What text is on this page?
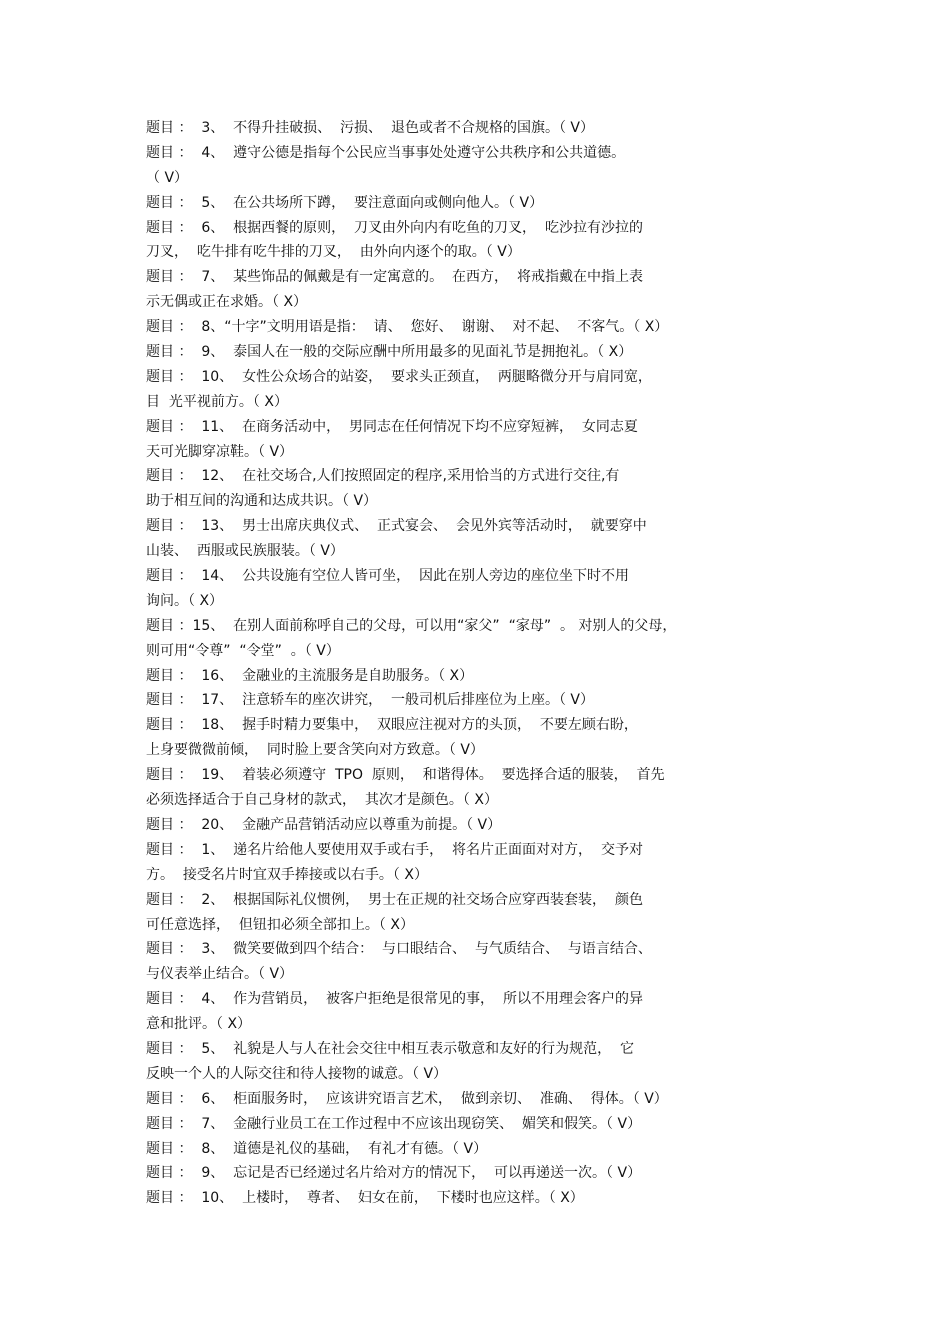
题目 ：  3、  不得升挂破损、  污损、  退色或者不合规格的国旗。（ V）
题目 ：  4、  遵守公德是指每个公民应当事事处处遵守公共秩序和公共道德。
（ V）
题目 ：  5、  在公共场所下蹲，  要注意面向或侧向他人。（ V）
题目 ：  6、  根据西餐的原则，  刀叉由外向内有吃鱼的刀叉，  吃沙拉有沙拉的
刀叉，  吃牛排有吃牛排的刀叉，  由外向内逐个的取。（ V）
题目 ：  7、  某些饰品的佩戴是有一定寓意的。  在西方，  将戒指戴在中指上表
示无偶或正在求婚。（ X）
题目 ：  8、“十字”文明用语是指：  请、  您好、  谢谢、  对不起、  不客气。（ X）
题目 ：  9、  泰国人在一般的交际应酬中所用最多的见面礼节是拥抱礼。（ X）
题目 ：  10、  女性公众场合的站姿，  要求头正颈直，  两腿略微分开与肩同宽，
目  光平视前方。（ X）
题目 ：  11、  在商务活动中，  男同志在任何情况下均不应穿短裤，  女同志夏
天可光脚穿凉鞋。（ V）
题目 ：  12、  在社交场合,人们按照固定的程序,采用恰当的方式进行交往,有
助于相互间的沟通和达成共识。（ V）
题目 ：  13、  男士出席庆典仪式、  正式宴会、  会见外宾等活动时，  就要穿中
山装、  西服或民族服装。（ V）
题目 ：  14、  公共设施有空位人皆可坐，  因此在别人旁边的座位坐下时不用
询问。（ X）
题目 ：15、  在别人面前称呼自己的父母，可以用“家父”  “家母”  。 对别人的父母，
则可用“令尊”  “令堂”  。（ V）
题目 ：  16、  金融业的主流服务是自助服务。（ X）
题目 ：  17、  注意轿车的座次讲究，  一般司机后排座位为上座。（ V）
题目 ：  18、  握手时精力要集中，  双眼应注视对方的头顶，  不要左顾右盼，
上身要微微前倾，  同时脸上要含笑向对方致意。（ V）
题目 ：  19、  着装必须遵守  TPO  原则，  和谐得体。  要选择合适的服装，  首先
必须选择适合于自己身材的款式，  其次才是颜色。（ X）
题目 ：  20、  金融产品营销活动应以尊重为前提。（ V）
题目 ：  1、  递名片给他人要使用双手或右手，  将名片正面面对对方，  交予对
方。  接受名片时宜双手捧接或以右手。（ X）
题目 ：  2、  根据国际礼仪惯例，  男士在正规的社交场合应穿西装套装，  颜色
可任意选择，  但钮扣必须全部扣上。（ X）
题目 ：  3、  微笑要做到四个结合：  与口眼结合、  与气质结合、  与语言结合、
与仪表举止结合。（ V）
题目 ：  4、  作为营销员，  被客户拒绝是很常见的事，  所以不用理会客户的异
意和批评。（ X）
题目 ：  5、  礼貌是人与人在社会交往中相互表示敬意和友好的行为规范，  它
反映一个人的人际交往和待人接物的诚意。（ V）
题目 ：  6、  柜面服务时，  应该讲究语言艺术，  做到亲切、  准确、  得体。（ V）
题目 ：  7、  金融行业员工在工作过程中不应该出现窃笑、  媚笑和假笑。（ V）
题目 ：  8、  道德是礼仪的基础，  有礼才有德。（ V）
题目 ：  9、  忘记是否已经递过名片给对方的情况下，  可以再递送一次。（ V）
题目 ：  10、  上楼时，  尊者、  妇女在前，  下楼时也应这样。（ X）
